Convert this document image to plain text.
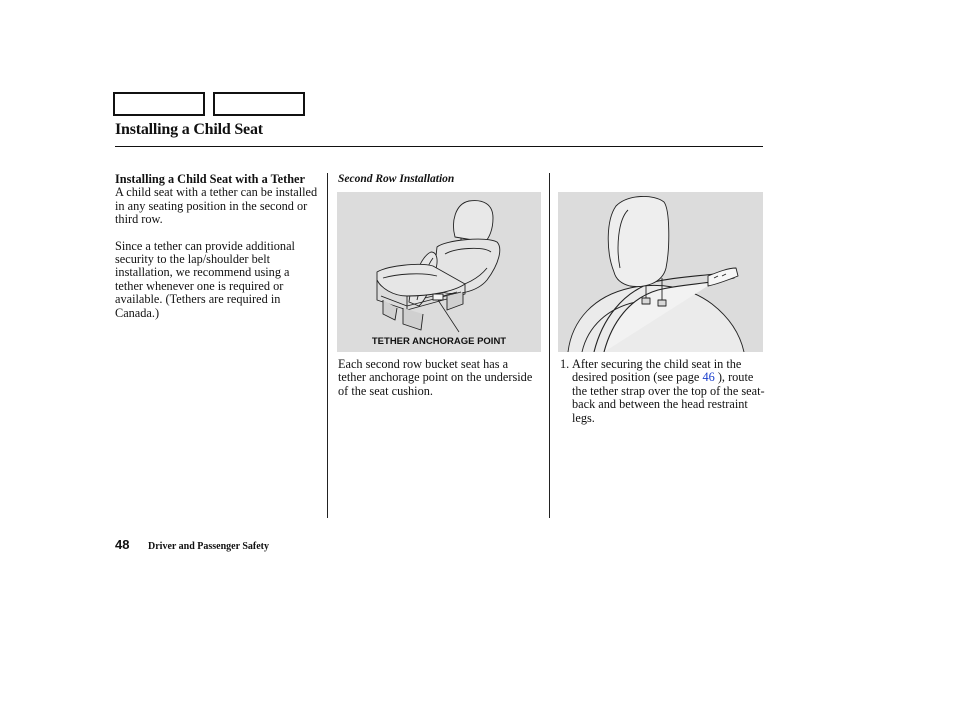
Installing a Child Seat
Installing a Child Seat with a Tether
A child seat with a tether can be installed in any seating position in the second or third row.
Since a tether can provide additional security to the lap/shoulder belt installation, we recommend using a tether whenever one is required or available. (Tethers are required in Canada.)
Second Row Installation
TETHER ANCHORAGE POINT
Each second row bucket seat has a tether anchorage point on the underside of the seat cushion.
1. After securing the child seat in the desired position (see page 46 ), route the tether strap over the top of the seat-back and between the head restraint legs.
48 Driver and Passenger Safety
